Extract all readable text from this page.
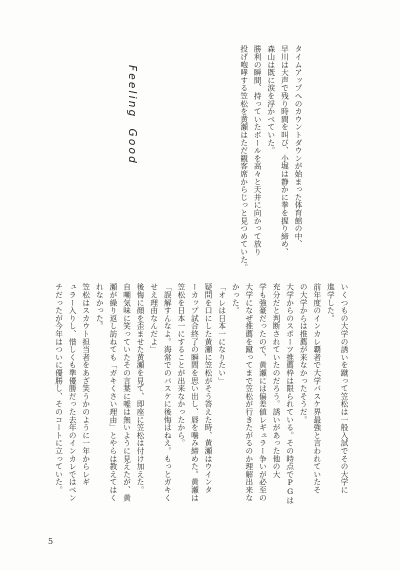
タイムアップへのカウントダウンが始まった体育館の中、

早川は大声で残り時間を叫び、小堀は静かに拳を握り締め、

森山は既に涙を浮かべていた。

勝利の瞬間、持っていたボールを高々と天井に向かって放り

投げ咆哮する笠松を黄瀬はただ観客席からじっと見つめていた。

FeelingGood

いくつもの大学の誘いを蹴って笠松は一般入試でその大学に

進学した。

前年度のインカレ覇者で大学バスケ界最強と言われていたそ

の大学からは推薦が来なかったそうだ。

大学からのスポーツ推薦枠は限られている。その時点でPGは

充分だと判断されていたのだろう。誘いがあった他の大

学も強豪だったので、黄瀬には偏差値レギュラー争いが必至の

大学になぜ推薦を蹴ってまで笠松が行きたがるのか理解出来な

かった。

「オレは日本一になりたい」

疑問を口にした黄瀬に笠松がそう答えた時、黄瀬はウインタ

ーカップ試合終了の瞬間を思い出し、唇を噛み締めた。黄瀬は

笠松を日本一にすることが出来なかったから。

「誤解すんなよ。海常でのバスケに後悔はねえ。もっとガキく

せえ理由なんだよ」

後悔に顔を歪ませた黄瀬を見て、即座に笠松は付け加えた。

自嘲気味に笑っていたその言葉に嘘は無いように見えたが、黄

瀬が繰り返し訪ねても「ガキくさい理由」とやらは教えてはく

れなかった。

笠松はスカウト担当者をあざ笑うかのように一年からレギ

ュラー入りし、惜しくも準優勝だった去年のインカレではベン

チだったが今年はついに優勝し、そのコートに立っていた。

5
